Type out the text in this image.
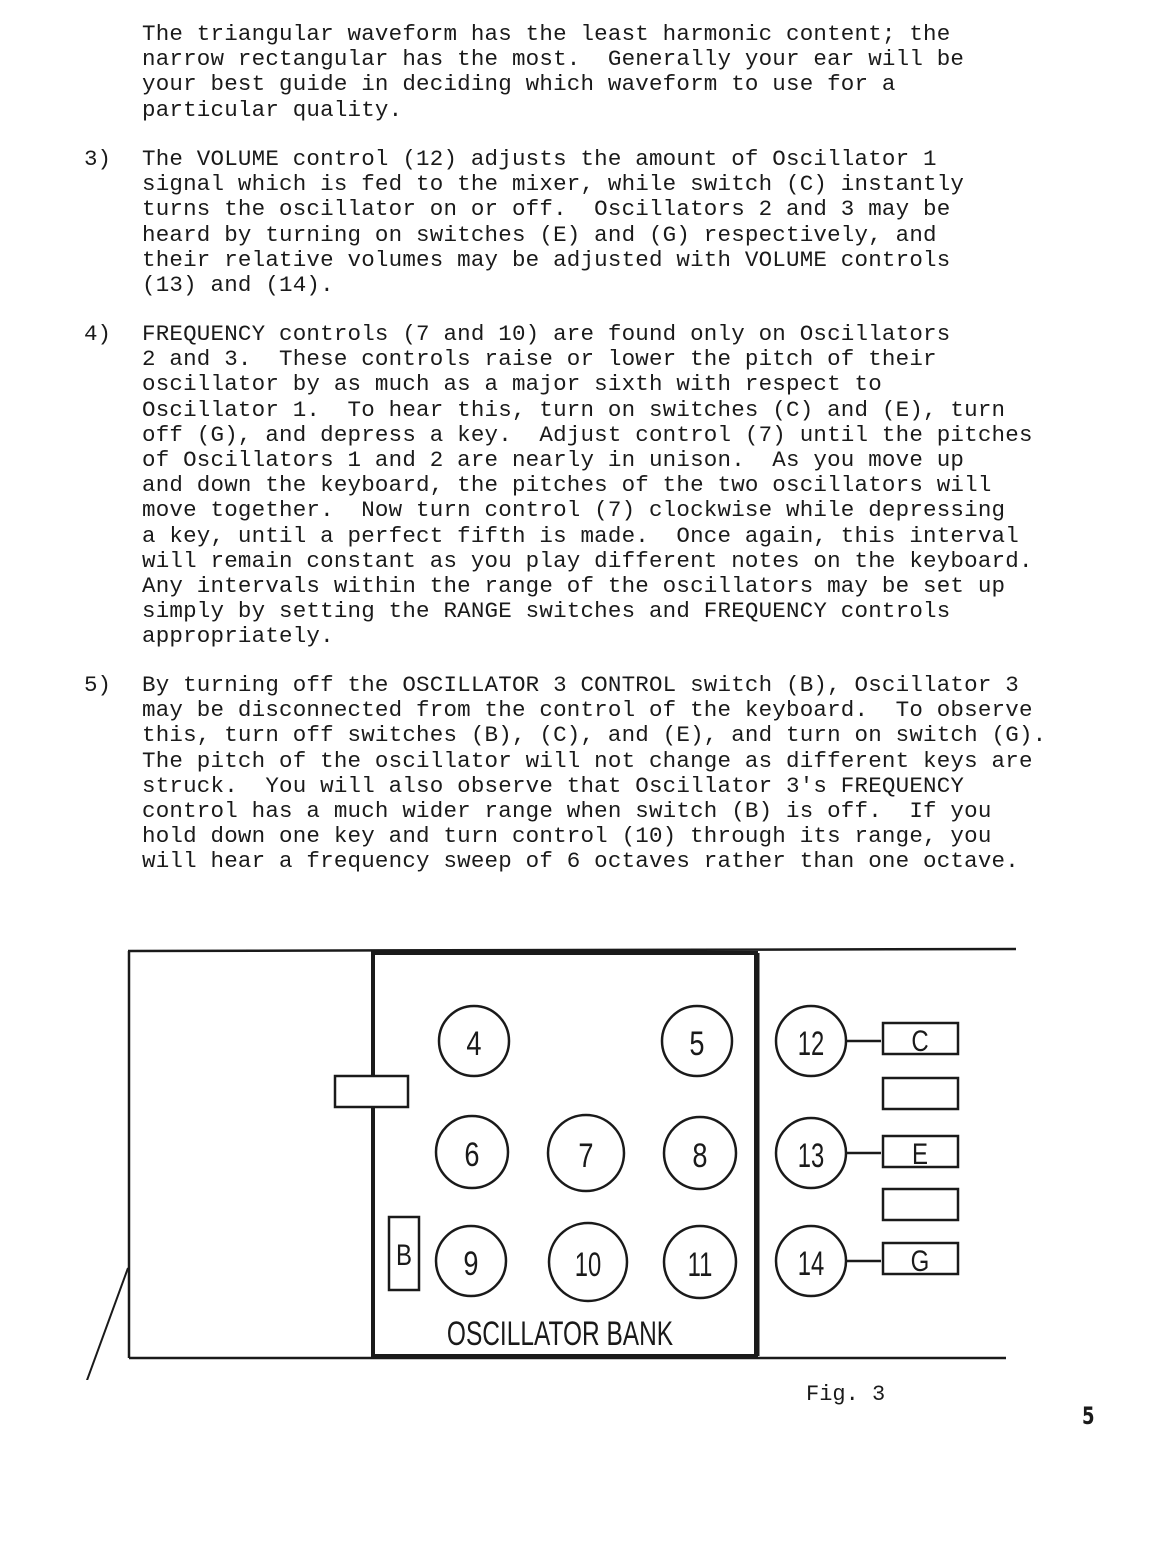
The triangular waveform has the least harmonic content; the
narrow rectangular has the most.  Generally your ear will be
your best guide in deciding which waveform to use for a
particular quality.
3) The VOLUME control (12) adjusts the amount of Oscillator 1
signal which is fed to the mixer, while switch (C) instantly
turns the oscillator on or off.  Oscillators 2 and 3 may be
heard by turning on switches (E) and (G) respectively, and
their relative volumes may be adjusted with VOLUME controls
(13) and (14).
4) FREQUENCY controls (7 and 10) are found only on Oscillators
2 and 3.  These controls raise or lower the pitch of their
oscillator by as much as a major sixth with respect to
Oscillator 1.  To hear this, turn on switches (C) and (E), turn
off (G), and depress a key.  Adjust control (7) until the pitches
of Oscillators 1 and 2 are nearly in unison.  As you move up
and down the keyboard, the pitches of the two oscillators will
move together.  Now turn control (7) clockwise while depressing
a key, until a perfect fifth is made.  Once again, this interval
will remain constant as you play different notes on the keyboard.
Any intervals within the range of the oscillators may be set up
simply by setting the RANGE switches and FREQUENCY controls
appropriately.
5) By turning off the OSCILLATOR 3 CONTROL switch (B), Oscillator 3
may be disconnected from the control of the keyboard.  To observe
this, turn off switches (B), (C), and (E), and turn on switch (G).
The pitch of the oscillator will not change as different keys are
struck.  You will also observe that Oscillator 3's FREQUENCY
control has a much wider range when switch (B) is off.  If you
hold down one key and turn control (10) through its range, you
will hear a frequency sweep of 6 octaves rather than one octave.
4	5
6	7	8
9	10	11
12
13
14
B
C
E
G
OSCILLATOR BANK
Fig. 3
5
